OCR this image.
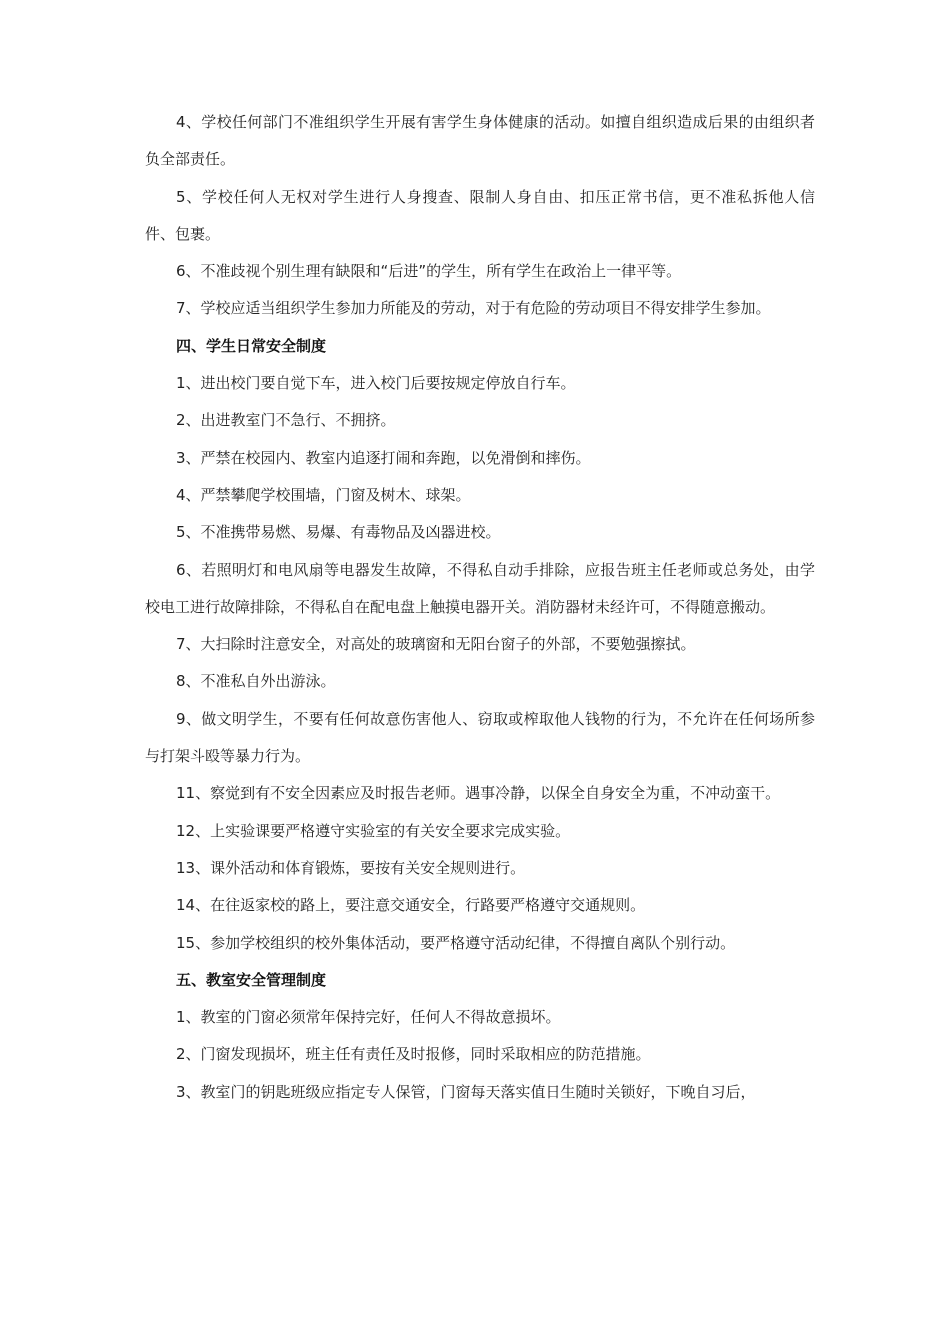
4、学校任何部门不准组织学生开展有害学生身体健康的活动。如擅自组织造成后果的由组织者负全部责任。

5、学校任何人无权对学生进行人身搜查、限制人身自由、扣压正常书信，更不准私拆他人信件、包裹。

6、不准歧视个别生理有缺限和“后进”的学生，所有学生在政治上一律平等。

7、学校应适当组织学生参加力所能及的劳动，对于有危险的劳动项目不得安排学生参加。

四、学生日常安全制度

1、进出校门要自觉下车，进入校门后要按规定停放自行车。

2、出进教室门不急行、不拥挤。

3、严禁在校园内、教室内追逐打闹和奔跑，以免滑倒和摔伤。

4、严禁攀爬学校围墙，门窗及树木、球架。

5、不准携带易燃、易爆、有毒物品及凶器进校。

6、若照明灯和电风扇等电器发生故障，不得私自动手排除，应报告班主任老师或总务处，由学校电工进行故障排除，不得私自在配电盘上触摸电器开关。消防器材未经许可，不得随意搬动。

7、大扫除时注意安全，对高处的玻璃窗和无阳台窗子的外部，不要勉强擦拭。

8、不准私自外出游泳。

9、做文明学生，不要有任何故意伤害他人、窃取或榨取他人钱物的行为，不允许在任何场所参与打架斗殴等暴力行为。

11、察觉到有不安全因素应及时报告老师。遇事冷静，以保全自身安全为重，不冲动蛮干。

12、上实验课要严格遵守实验室的有关安全要求完成实验。

13、课外活动和体育锻炼，要按有关安全规则进行。

14、在往返家校的路上，要注意交通安全，行路要严格遵守交通规则。

15、参加学校组织的校外集体活动，要严格遵守活动纪律，不得擅自离队个别行动。

五、教室安全管理制度

1、教室的门窗必须常年保持完好，任何人不得故意损坏。

2、门窗发现损坏，班主任有责任及时报修，同时采取相应的防范措施。

3、教室门的钥匙班级应指定专人保管，门窗每天落实值日生随时关锁好，下晚自习后，
